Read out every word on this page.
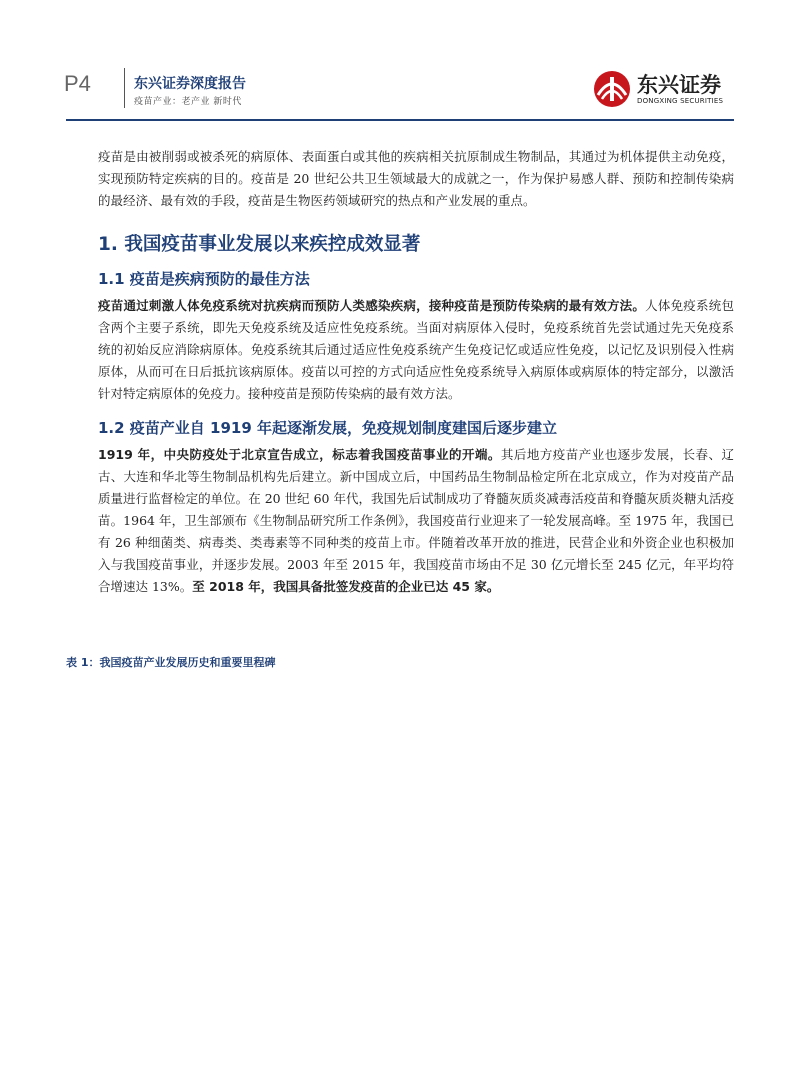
P4	东兴证券深度报告
疫苗产业：老产业 新时代
东兴证券
DONGXING SECURITIES

疫苗是由被削弱或被杀死的病原体、表面蛋白或其他的疾病相关抗原制成生物制品，其通过为机体提供主动免疫，实现预防特定疾病的目的。疫苗是 20 世纪公共卫生领域最大的成就之一，作为保护易感人群、预防和控制传染病的最经济、最有效的手段，疫苗是生物医药领域研究的热点和产业发展的重点。

1. 我国疫苗事业发展以来疾控成效显著
1.1 疫苗是疾病预防的最佳方法

疫苗通过刺激人体免疫系统对抗疾病而预防人类感染疾病，接种疫苗是预防传染病的最有效方法。人体免疫系统包含两个主要子系统，即先天免疫系统及适应性免疫系统。当面对病原体入侵时，免疫系统首先尝试通过先天免疫系统的初始反应消除病原体。免疫系统其后通过适应性免疫系统产生免疫记忆或适应性免疫，以记忆及识别侵入性病原体，从而可在日后抵抗该病原体。疫苗以可控的方式向适应性免疫系统导入病原体或病原体的特定部分，以激活针对特定病原体的免疫力。接种疫苗是预防传染病的最有效方法。

1.2 疫苗产业自 1919 年起逐渐发展，免疫规划制度建国后逐步建立

1919 年，中央防疫处于北京宣告成立，标志着我国疫苗事业的开端。其后地方疫苗产业也逐步发展，长春、辽古、大连和华北等生物制品机构先后建立。新中国成立后，中国药品生物制品检定所在北京成立，作为对疫苗产品质量进行监督检定的单位。在 20 世纪 60 年代，我国先后试制成功了脊髓灰质炎减毒活疫苗和脊髓灰质炎糖丸活疫苗。1964 年，卫生部颁布《生物制品研究所工作条例》，我国疫苗行业迎来了一轮发展高峰。至 1975 年，我国已有 26 种细菌类、病毒类、类毒素等不同种类的疫苗上市。伴随着改革开放的推进，民营企业和外资企业也积极加入与我国疫苗事业，并逐步发展。2003 年至 2015 年，我国疫苗市场由不足 30 亿元增长至 245 亿元，年平均符合增速达 13%。至 2018 年，我国具备批签发疫苗的企业已达 45 家。

表 1：我国疫苗产业发展历史和重要里程碑
